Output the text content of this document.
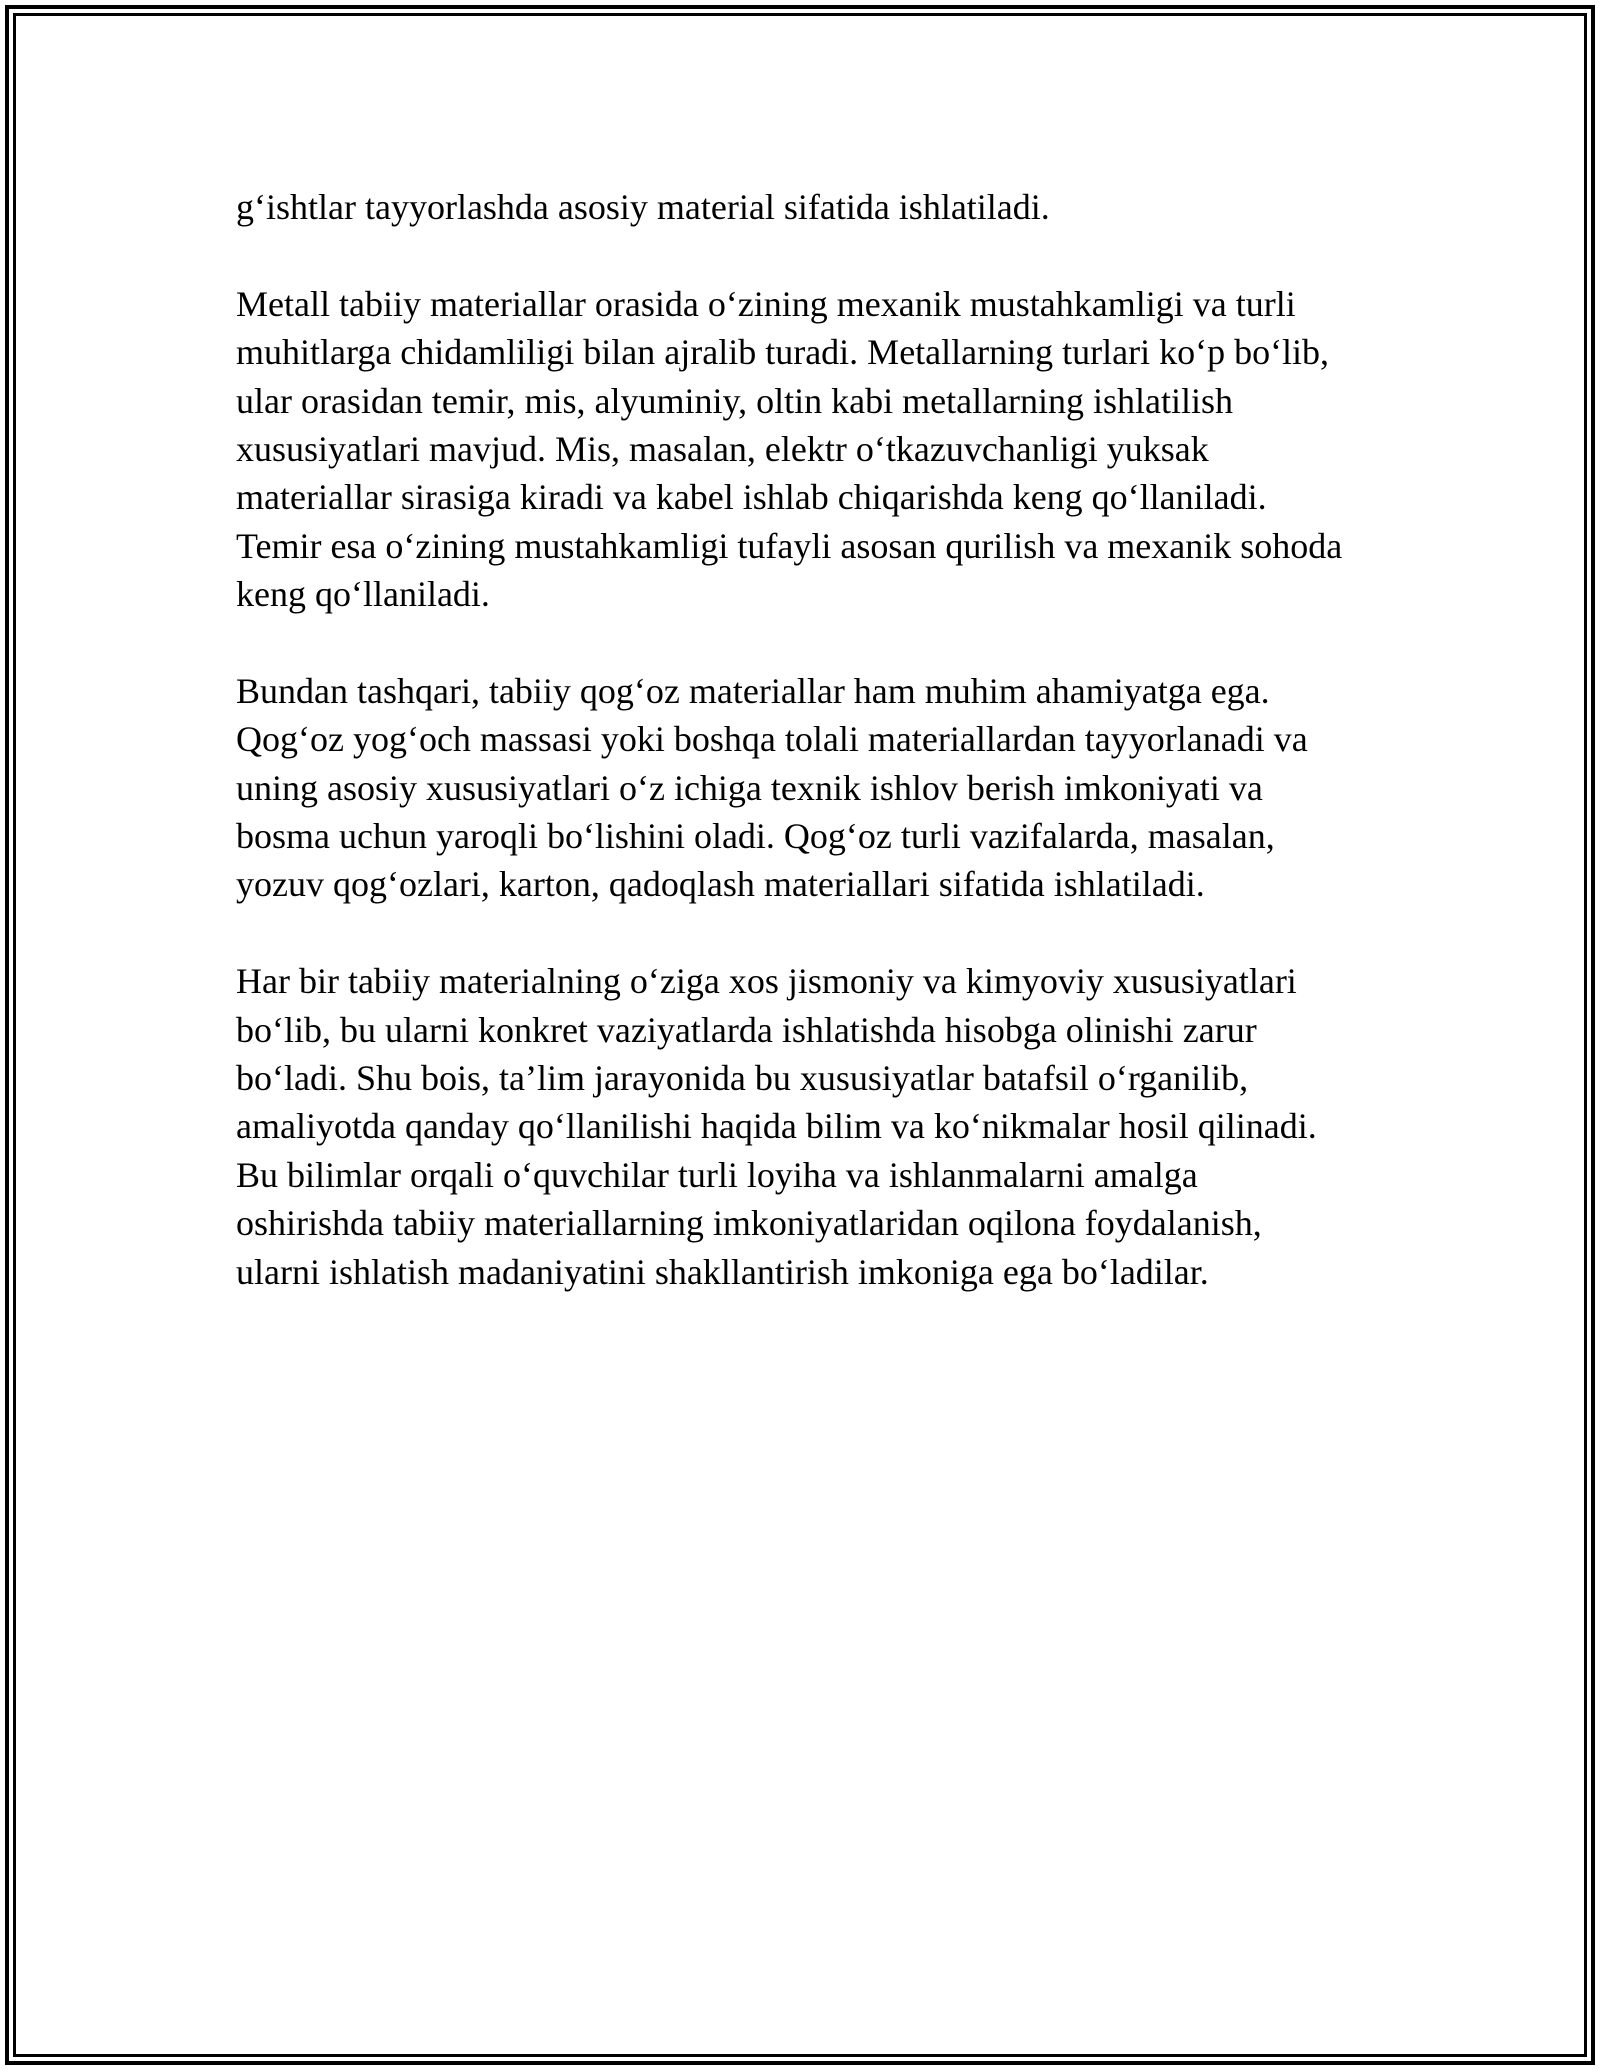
g‘ishtlar tayyorlashda asosiy material sifatida ishlatiladi.
Metall tabiiy materiallar orasida o‘zining mexanik mustahkamligi va turli
muhitlarga chidamliligi bilan ajralib turadi. Metallarning turlari ko‘p bo‘lib,
ular orasidan temir, mis, alyuminiy, oltin kabi metallarning ishlatilish
xususiyatlari mavjud. Mis, masalan, elektr o‘tkazuvchanligi yuksak
materiallar sirasiga kiradi va kabel ishlab chiqarishda keng qo‘llaniladi.
Temir esa o‘zining mustahkamligi tufayli asosan qurilish va mexanik sohoda
keng qo‘llaniladi.
Bundan tashqari, tabiiy qog‘oz materiallar ham muhim ahamiyatga ega.
Qog‘oz yog‘och massasi yoki boshqa tolali materiallardan tayyorlanadi va
uning asosiy xususiyatlari o‘z ichiga texnik ishlov berish imkoniyati va
bosma uchun yaroqli bo‘lishini oladi. Qog‘oz turli vazifalarda, masalan,
yozuv qog‘ozlari, karton, qadoqlash materiallari sifatida ishlatiladi.
Har bir tabiiy materialning o‘ziga xos jismoniy va kimyoviy xususiyatlari
bo‘lib, bu ularni konkret vaziyatlarda ishlatishda hisobga olinishi zarur
bo‘ladi. Shu bois, ta’lim jarayonida bu xususiyatlar batafsil o‘rganilib,
amaliyotda qanday qo‘llanilishi haqida bilim va ko‘nikmalar hosil qilinadi.
Bu bilimlar orqali o‘quvchilar turli loyiha va ishlanmalarni amalga
oshirishda tabiiy materiallarning imkoniyatlaridan oqilona foydalanish,
ularni ishlatish madaniyatini shakllantirish imkoniga ega bo‘ladilar.
